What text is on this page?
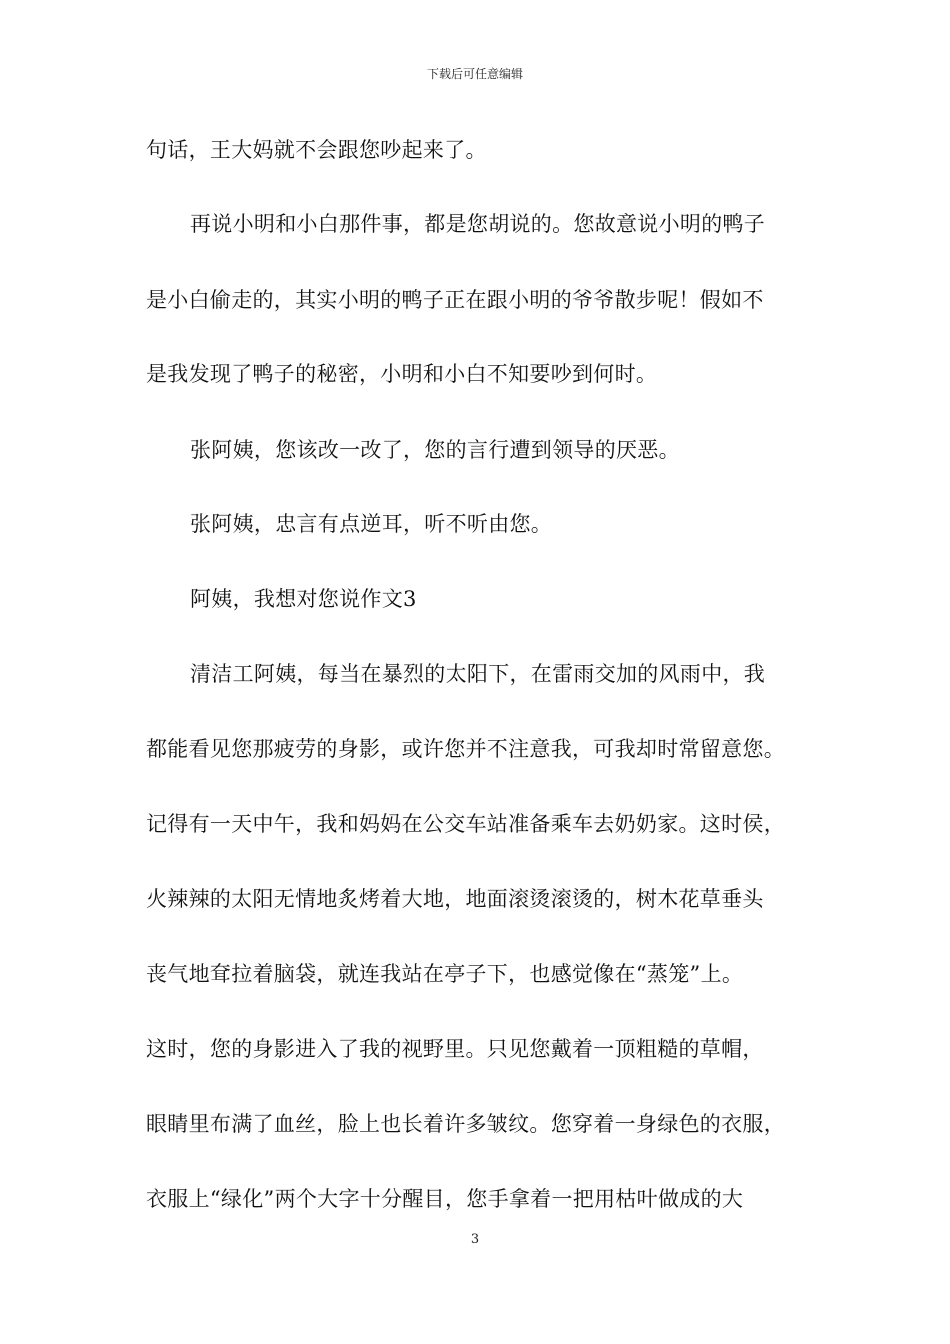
下载后可任意编辑
句话，王大妈就不会跟您吵起来了。
再说小明和小白那件事，都是您胡说的。您故意说小明的鸭子
是小白偷走的，其实小明的鸭子正在跟小明的爷爷散步呢！假如不
是我发现了鸭子的秘密，小明和小白不知要吵到何时。
张阿姨，您该改一改了，您的言行遭到领导的厌恶。
张阿姨，忠言有点逆耳，听不听由您。
阿姨，我想对您说作文3
清洁工阿姨，每当在暴烈的太阳下，在雷雨交加的风雨中，我
都能看见您那疲劳的身影，或许您并不注意我，可我却时常留意您。
记得有一天中午，我和妈妈在公交车站准备乘车去奶奶家。这时侯，
火辣辣的太阳无情地炙烤着大地，地面滚烫滚烫的，树木花草垂头
丧气地耷拉着脑袋，就连我站在亭子下，也感觉像在“蒸笼”上。
这时，您的身影进入了我的视野里。只见您戴着一顶粗糙的草帽，
眼睛里布满了血丝，脸上也长着许多皱纹。您穿着一身绿色的衣服，
衣服上“绿化”两个大字十分醒目，您手拿着一把用枯叶做成的大
3
